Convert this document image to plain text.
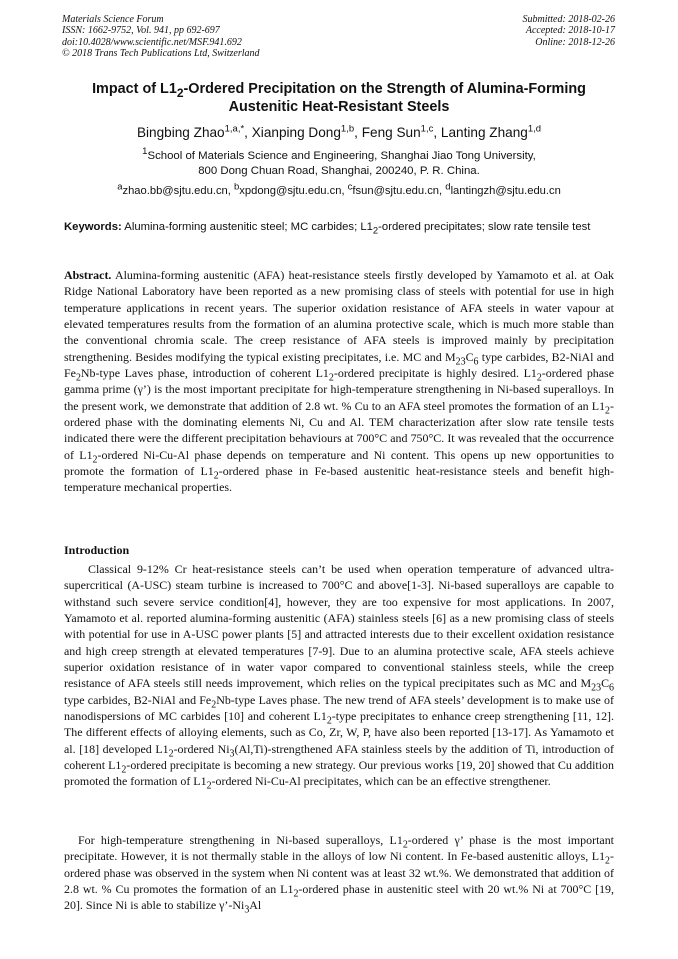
Materials Science Forum
ISSN: 1662-9752, Vol. 941, pp 692-697
doi:10.4028/www.scientific.net/MSF.941.692
© 2018 Trans Tech Publications Ltd, Switzerland
Submitted: 2018-02-26
Accepted: 2018-10-17
Online: 2018-12-26
Impact of $L1_2$-Ordered Precipitation on the Strength of Alumina-Forming
Austenitic Heat-Resistant Steels
Bingbing Zhao$^{1,a,*}$, Xianping Dong$^{1,b}$, Feng Sun$^{1,c}$, Lanting Zhang$^{1,d}$
$^1$School of Materials Science and Engineering, Shanghai Jiao Tong University,
800 Dong Chuan Road, Shanghai, 200240, P. R. China.
$^a$zhao.bb@sjtu.edu.cn, $^b$xpdong@sjtu.edu.cn, $^c$fsun@sjtu.edu.cn, $^d$lantingzh@sjtu.edu.cn
Keywords: Alumina-forming austenitic steel; MC carbides; $L1_2$-ordered precipitates; slow rate tensile test
Abstract. Alumina-forming austenitic (AFA) heat-resistance steels firstly developed by Yamamoto et al. at Oak Ridge National Laboratory have been reported as a new promising class of steels with potential for use in high temperature applications in recent years. The superior oxidation resistance of AFA steels in water vapour at elevated temperatures results from the formation of an alumina protective scale, which is much more stable than the conventional chromia scale. The creep resistance of AFA steels is improved mainly by precipitation strengthening. Besides modifying the typical existing precipitates, i.e. MC and $M_{23}C_6$ type carbides, B2-NiAl and $Fe_2Nb$-type Laves phase, introduction of coherent $L1_2$-ordered precipitate is highly desired. $L1_2$-ordered phase gamma prime (γ’) is the most important precipitate for high-temperature strengthening in Ni-based superalloys. In the present work, we demonstrate that addition of 2.8 wt. % Cu to an AFA steel promotes the formation of an $L1_2$-ordered phase with the dominating elements Ni, Cu and Al. TEM characterization after slow rate tensile tests indicated there were the different precipitation behaviours at 700°C and 750°C. It was revealed that the occurrence of $L1_2$-ordered Ni-Cu-Al phase depends on temperature and Ni content. This opens up new opportunities to promote the formation of $L1_2$-ordered phase in Fe-based austenitic heat-resistance steels and benefit high-temperature mechanical properties.
Introduction
Classical 9-12% Cr heat-resistance steels can’t be used when operation temperature of advanced ultra-supercritical (A-USC) steam turbine is increased to 700°C and above[1-3]. Ni-based superalloys are capable to withstand such severe service condition[4], however, they are too expensive for most applications. In 2007, Yamamoto et al. reported alumina-forming austenitic (AFA) stainless steels [6] as a new promising class of steels with potential for use in A-USC power plants [5] and attracted interests due to their excellent oxidation resistance and high creep strength at elevated temperatures [7-9]. Due to an alumina protective scale, AFA steels achieve superior oxidation resistance of in water vapor compared to conventional stainless steels, while the creep resistance of AFA steels still needs improvement, which relies on the typical precipitates such as MC and $M_{23}C_6$ type carbides, B2-NiAl and $Fe_2Nb$-type Laves phase. The new trend of AFA steels’ development is to make use of nanodispersions of MC carbides [10] and coherent $L1_2$-type precipitates to enhance creep strengthening [11, 12]. The different effects of alloying elements, such as Co, Zr, W, P, have also been reported [13-17]. As Yamamoto et al. [18] developed $L1_2$-ordered $Ni_3(Al,Ti)$-strengthened AFA stainless steels by the addition of Ti, introduction of coherent $L1_2$-ordered precipitate is becoming a new strategy. Our previous works [19, 20] showed that Cu addition promoted the formation of $L1_2$-ordered Ni-Cu-Al precipitates, which can be an effective strengthener.
For high-temperature strengthening in Ni-based superalloys, $L1_2$-ordered γ’ phase is the most important precipitate. However, it is not thermally stable in the alloys of low Ni content. In Fe-based austenitic alloys, $L1_2$-ordered phase was observed in the system when Ni content was at least 32 wt.%. We demonstrated that addition of 2.8 wt. % Cu promotes the formation of an $L1_2$-ordered phase in austenitic steel with 20 wt.% Ni at 700°C [19, 20]. Since Ni is able to stabilize $\gamma’-Ni_3Al$
